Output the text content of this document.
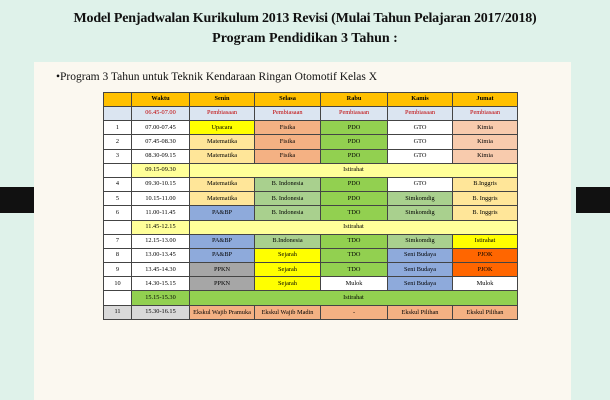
Model Penjadwalan Kurikulum 2013 Revisi (Mulai Tahun Pelajaran 2017/2018)
Program Pendidikan 3 Tahun :
•Program 3 Tahun untuk Teknik Kendaraan Ringan Otomotif Kelas X
	Waktu	Senin	Selasa	Rabu	Kamis	Jumat
	06.45-07.00	Pembiasaan	Pembiasaan	Pembiasaan	Pembiasaan	Pembiasaan
1	07.00-07.45	Upacara	Fisika	PDO	GTO	Kimia
2	07.45-08.30	Matematika	Fisika	PDO	GTO	Kimia
3	08.30-09.15	Matematika	Fisika	PDO	GTO	Kimia
	09.15-09.30	Istirahat				
4	09.30-10.15	Matematika	B. Indonesia	PDO	GTO	B.Inggris
5	10.15-11.00	Matematika	B. Indonesia	PDO	Simkomdig	B. Inggris
6	11.00-11.45	PA&BP	B. Indonesia	TDO	Simkomdig	B. Inggris
	11.45-12.15	Istirahat				
7	12.15-13.00	PA&BP	B.Indonesia	TDO	Simkomdig	Istirahat
8	13.00-13.45	PA&BP	Sejarah	TDO	Seni Budaya	PJOK
9	13.45-14.30	PPKN	Sejarah	TDO	Seni Budaya	PJOK
10	14.30-15.15	PPKN	Sejarah	Mulok	Seni Budaya	Mulok
	15.15-15.30	Istirahat				
11	15.30-16.15	Ekskul Wajib Pramuka	Ekskul Wajib Madin	-	Ekskul Pilihan	Ekskul Pilihan
